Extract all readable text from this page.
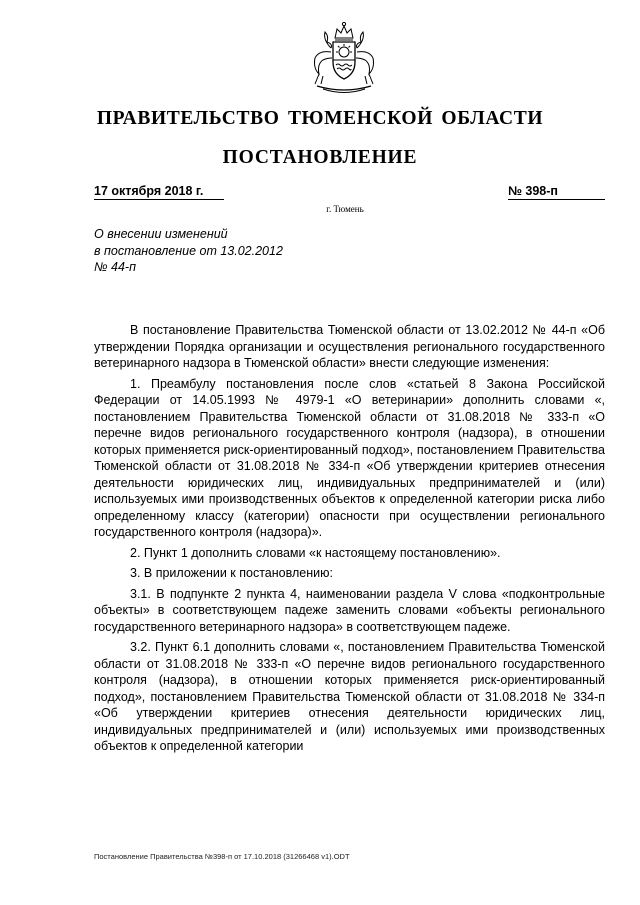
ПРАВИТЕЛЬСТВО ТЮМЕНСКОЙ ОБЛАСТИ
ПОСТАНОВЛЕНИЕ
17 октября 2018 г.	№ 398-п
г. Тюмень
О внесении изменений
в постановление от 13.02.2012
№ 44-п

В постановление Правительства Тюменской области от 13.02.2012 № 44-п «Об утверждении Порядка организации и осуществления регионального государственного ветеринарного надзора в Тюменской области» внести следующие изменения:

1. Преамбулу постановления после слов «статьей 8 Закона Российской Федерации от 14.05.1993 № 4979-1 «О ветеринарии» дополнить словами «, постановлением Правительства Тюменской области от 31.08.2018 № 333-п «О перечне видов регионального государственного контроля (надзора), в отношении которых применяется риск-ориентированный подход», постановлением Правительства Тюменской области от 31.08.2018 № 334-п «Об утверждении критериев отнесения деятельности юридических лиц, индивидуальных предпринимателей и (или) используемых ими производственных объектов к определенной категории риска либо определенному классу (категории) опасности при осуществлении регионального государственного контроля (надзора)».

2. Пункт 1 дополнить словами «к настоящему постановлению».

3. В приложении к постановлению:

3.1. В подпункте 2 пункта 4, наименовании раздела V слова «подконтрольные объекты» в соответствующем падеже заменить словами «объекты регионального государственного ветеринарного надзора» в соответствующем падеже.

3.2. Пункт 6.1 дополнить словами «, постановлением Правительства Тюменской области от 31.08.2018 № 333-п «О перечне видов регионального государственного контроля (надзора), в отношении которых применяется риск-ориентированный подход», постановлением Правительства Тюменской области от 31.08.2018 № 334-п «Об утверждении критериев отнесения деятельности юридических лиц, индивидуальных предпринимателей и (или) используемых ими производственных объектов к определенной категории

Постановление Правительства №398-п от 17.10.2018 (31266468 v1).ODT
